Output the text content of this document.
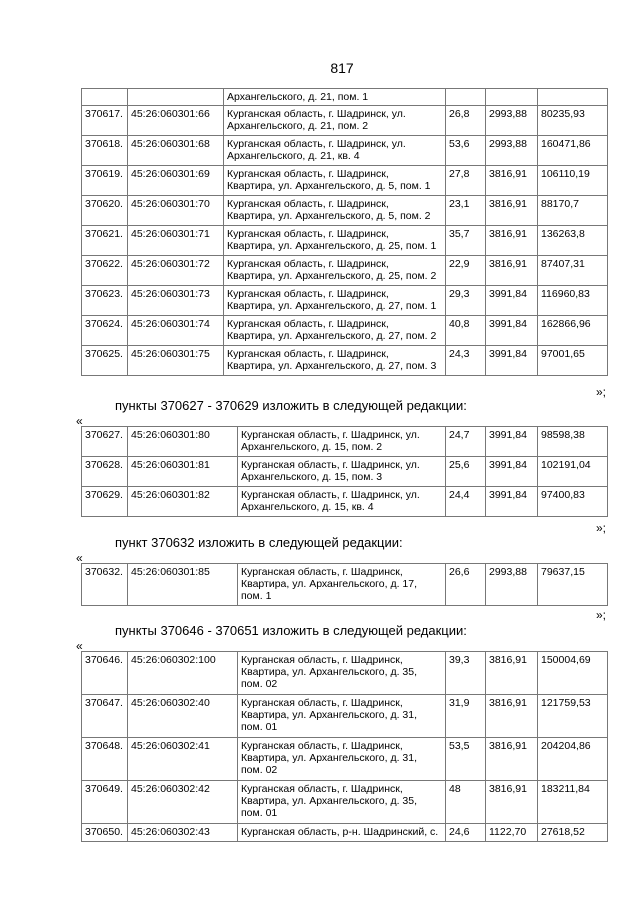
817

		Архангельского, д. 21, пом. 1			

370617.	45:26:060301:66	Курганская область, г. Шадринск, ул.
Архангельского, д. 21, пом. 2	26,8	2993,88	80235,93
370618.	45:26:060301:68	Курганская область, г. Шадринск, ул.
Архангельского, д. 21, кв. 4	53,6	2993,88	160471,86
370619.	45:26:060301:69	Курганская область, г. Шадринск,
Квартира, ул. Архангельского, д. 5, пом. 1	27,8	3816,91	106110,19
370620.	45:26:060301:70	Курганская область, г. Шадринск,
Квартира, ул. Архангельского, д. 5, пом. 2	23,1	3816,91	88170,7
370621.	45:26:060301:71	Курганская область, г. Шадринск,
Квартира, ул. Архангельского, д. 25, пом. 1	35,7	3816,91	136263,8
370622.	45:26:060301:72	Курганская область, г. Шадринск,
Квартира, ул. Архангельского, д. 25, пом. 2	22,9	3816,91	87407,31
370623.	45:26:060301:73	Курганская область, г. Шадринск,
Квартира, ул. Архангельского, д. 27, пом. 1	29,3	3991,84	116960,83
370624.	45:26:060301:74	Курганская область, г. Шадринск,
Квартира, ул. Архангельского, д. 27, пом. 2	40,8	3991,84	162866,96
370625.	45:26:060301:75	Курганская область, г. Шадринск,
Квартира, ул. Архангельского, д. 27, пом. 3	24,3	3991,84	97001,65
»;
пункты 370627 - 370629 изложить в следующей редакции:
«
370627.	45:26:060301:80	Курганская область, г. Шадринск, ул.
Архангельского, д. 15, пом. 2	24,7	3991,84	98598,38
370628.	45:26:060301:81	Курганская область, г. Шадринск, ул.
Архангельского, д. 15, пом. 3	25,6	3991,84	102191,04
370629.	45:26:060301:82	Курганская область, г. Шадринск, ул.
Архангельского, д. 15, кв. 4	24,4	3991,84	97400,83
»;
пункт 370632 изложить в следующей редакции:
«
370632.	45:26:060301:85	Курганская область, г. Шадринск,
Квартира, ул. Архангельского, д. 17,
пом. 1
	26,6	2993,88	79637,15
»;
пункты 370646 - 370651 изложить в следующей редакции:
«
370646.	45:26:060302:100	Курганская область, г. Шадринск,
Квартира, ул. Архангельского, д. 35,
пом. 02	39,3	3816,91	150004,69
370647.	45:26:060302:40	Курганская область, г. Шадринск,
Квартира, ул. Архангельского, д. 31,
пом. 01	31,9	3816,91	121759,53
370648.	45:26:060302:41	Курганская область, г. Шадринск,
Квартира, ул. Архангельского, д. 31,
пом. 02	53,5	3816,91	204204,86
370649.	45:26:060302:42	Курганская область, г. Шадринск,
Квартира, ул. Архангельского, д. 35,
пом. 01	48	3816,91	183211,84
370650.	45:26:060302:43	Курганская область, р-н. Шадринский, с.	24,6	1122,70	27618,52
